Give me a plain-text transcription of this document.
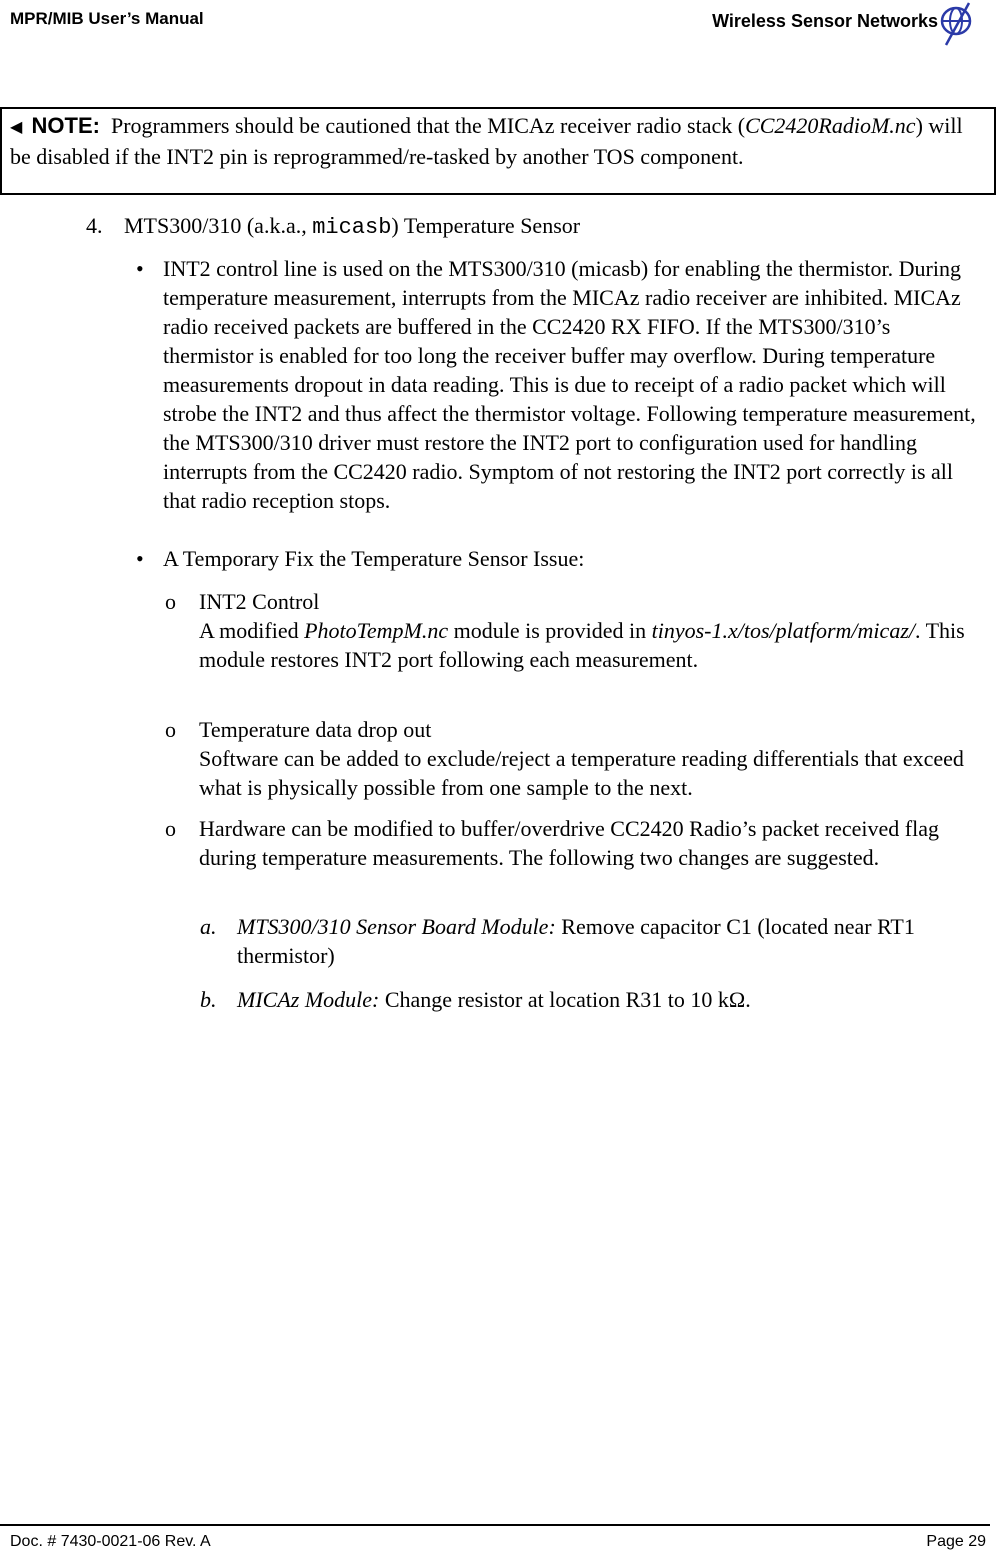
MPR/MIB User’s Manual	Wireless Sensor Networks
◀ NOTE: Programmers should be cautioned that the MICAz receiver radio stack (CC2420RadioM.nc) will be disabled if the INT2 pin is reprogrammed/re-tasked by another TOS component.
4. MTS300/310 (a.k.a., micasb) Temperature Sensor
• INT2 control line is used on the MTS300/310 (micasb) for enabling the thermistor. During temperature measurement, interrupts from the MICAz radio receiver are inhibited. MICAz radio received packets are buffered in the CC2420 RX FIFO. If the MTS300/310’s thermistor is enabled for too long the receiver buffer may overflow. During temperature measurements dropout in data reading. This is due to receipt of a radio packet which will strobe the INT2 and thus affect the thermistor voltage. Following temperature measurement, the MTS300/310 driver must restore the INT2 port to configuration used for handling interrupts from the CC2420 radio. Symptom of not restoring the INT2 port correctly is all that radio reception stops.
• A Temporary Fix the Temperature Sensor Issue:
o INT2 Control
A modified PhotoTempM.nc module is provided in tinyos-1.x/tos/platform/micaz/. This module restores INT2 port following each measurement.
o Temperature data drop out
Software can be added to exclude/reject a temperature reading differentials that exceed what is physically possible from one sample to the next.
o Hardware can be modified to buffer/overdrive CC2420 Radio’s packet received flag during temperature measurements. The following two changes are suggested.
a. MTS300/310 Sensor Board Module: Remove capacitor C1 (located near RT1 thermistor)
b. MICAz Module: Change resistor at location R31 to 10 kΩ.
Doc. # 7430-0021-06 Rev. A	Page 29
